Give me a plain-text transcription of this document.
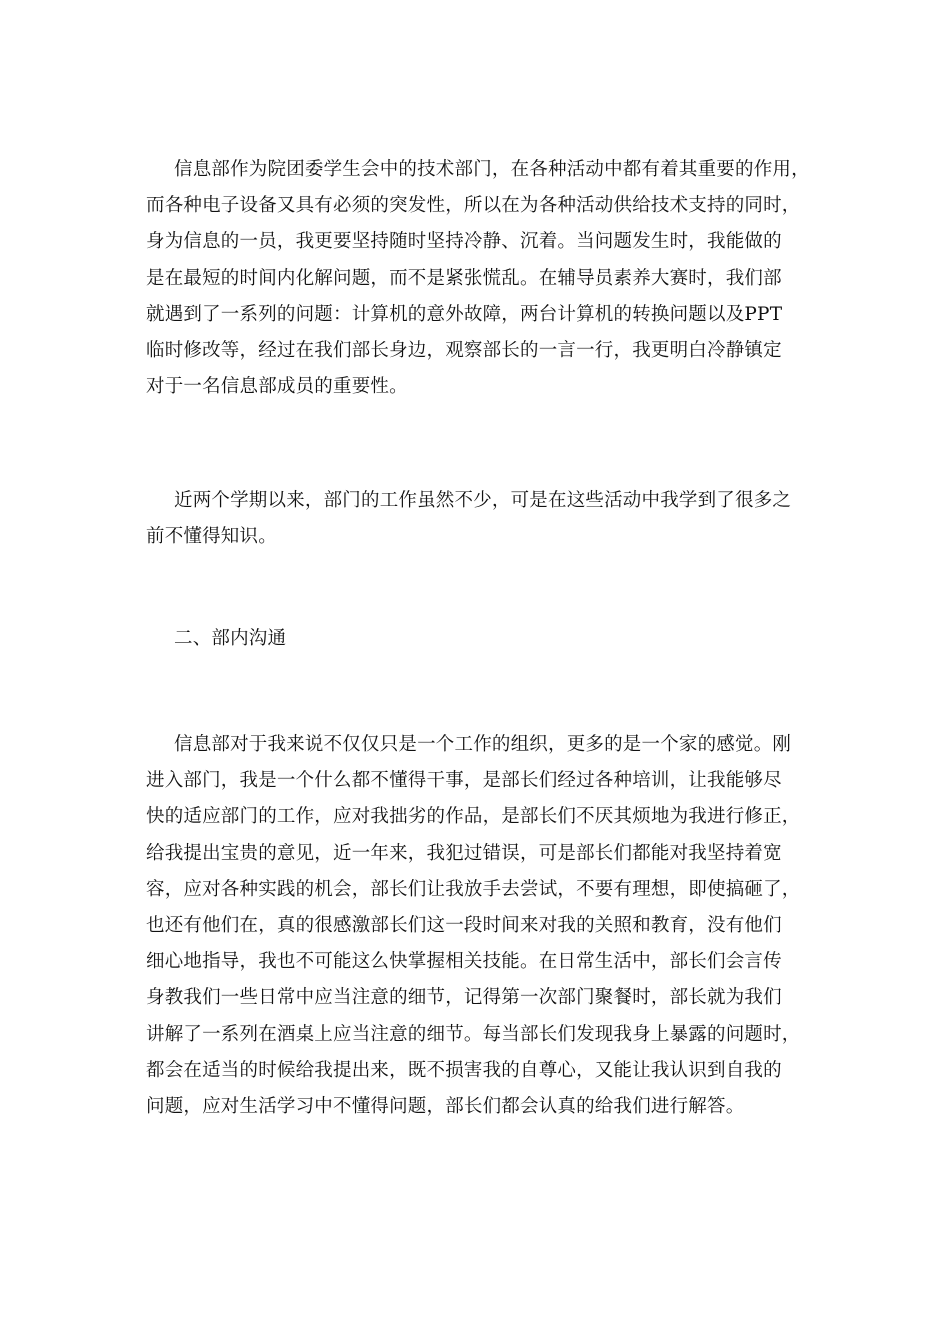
信息部作为院团委学生会中的技术部门，在各种活动中都有着其重要的作用，
而各种电子设备又具有必须的突发性，所以在为各种活动供给技术支持的同时，
身为信息的一员，我更要坚持随时坚持冷静、沉着。当问题发生时，我能做的
是在最短的时间内化解问题，而不是紧张慌乱。在辅导员素养大赛时，我们部
就遇到了一系列的问题：计算机的意外故障，两台计算机的转换问题以及PPT
临时修改等，经过在我们部长身边，观察部长的一言一行，我更明白冷静镇定
对于一名信息部成员的重要性。
近两个学期以来，部门的工作虽然不少，可是在这些活动中我学到了很多之
前不懂得知识。
二、部内沟通
信息部对于我来说不仅仅只是一个工作的组织，更多的是一个家的感觉。刚
进入部门，我是一个什么都不懂得干事，是部长们经过各种培训，让我能够尽
快的适应部门的工作，应对我拙劣的作品，是部长们不厌其烦地为我进行修正，
给我提出宝贵的意见，近一年来，我犯过错误，可是部长们都能对我坚持着宽
容，应对各种实践的机会，部长们让我放手去尝试，不要有理想，即使搞砸了，
也还有他们在，真的很感激部长们这一段时间来对我的关照和教育，没有他们
细心地指导，我也不可能这么快掌握相关技能。在日常生活中，部长们会言传
身教我们一些日常中应当注意的细节，记得第一次部门聚餐时，部长就为我们
讲解了一系列在酒桌上应当注意的细节。每当部长们发现我身上暴露的问题时，
都会在适当的时候给我提出来，既不损害我的自尊心，又能让我认识到自我的
问题，应对生活学习中不懂得问题，部长们都会认真的给我们进行解答。
